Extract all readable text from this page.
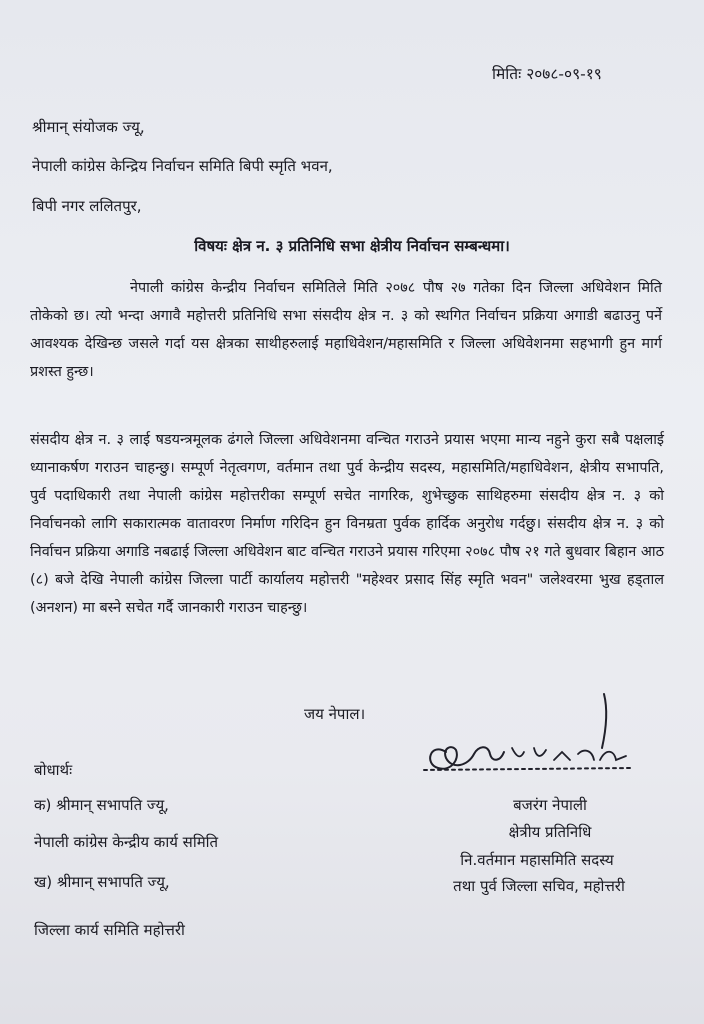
मितिः २०७८-०९-१९
श्रीमान् संयोजक ज्यू,
नेपाली कांग्रेस केन्द्रिय निर्वाचन समिति बिपी स्मृति भवन,
बिपी नगर ललितपुर,
विषयः क्षेत्र न. ३ प्रतिनिधि सभा क्षेत्रीय निर्वाचन सम्बन्धमा।
नेपाली कांग्रेस केन्द्रीय निर्वाचन समितिले मिति २०७८ पौष २७ गतेका दिन जिल्ला अधिवेशन मिति तोकेको छ। त्यो भन्दा अगावै महोत्तरी प्रतिनिधि सभा संसदीय क्षेत्र न. ३ को स्थगित निर्वाचन प्रक्रिया अगाडी बढाउनु पर्ने आवश्यक देखिन्छ जसले गर्दा यस क्षेत्रका साथीहरुलाई महाधिवेशन/महासमिति र जिल्ला अधिवेशनमा सहभागी हुन मार्ग प्रशस्त हुन्छ।
संसदीय क्षेत्र न. ३ लाई षडयन्त्रमूलक ढंगले जिल्ला अधिवेशनमा वन्चित गराउने प्रयास भएमा मान्य नहुने कुरा सबै पक्षलाई ध्यानाकर्षण गराउन चाहन्छु। सम्पूर्ण नेतृत्वगण, वर्तमान तथा पुर्व केन्द्रीय सदस्य, महासमिति/महाधिवेशन, क्षेत्रीय सभापति, पुर्व पदाधिकारी तथा नेपाली कांग्रेस महोत्तरीका सम्पूर्ण सचेत नागरिक, शुभेच्छुक साथिहरुमा संसदीय क्षेत्र न. ३ को निर्वाचनको लागि सकारात्मक वातावरण निर्माण गरिदिन हुन विनम्रता पुर्वक हार्दिक अनुरोध गर्दछु। संसदीय क्षेत्र न. ३ को निर्वाचन प्रक्रिया अगाडि नबढाई जिल्ला अधिवेशन बाट वन्चित गराउने प्रयास गरिएमा २०७८ पौष २१ गते बुधवार बिहान आठ (८) बजे देखि नेपाली कांग्रेस जिल्ला पार्टी कार्यालय महोत्तरी "महेश्वर प्रसाद सिंह स्मृति भवन" जलेश्वरमा भुख हड्ताल (अनशन) मा बस्ने सचेत गर्दै जानकारी गराउन चाहन्छु।
जय नेपाल।
बजरंग नेपाली
क्षेत्रीय प्रतिनिधि
नि.वर्तमान महासमिति सदस्य
तथा पुर्व जिल्ला सचिव, महोत्तरी
बोधार्थः
क) श्रीमान् सभापति ज्यू,
नेपाली कांग्रेस केन्द्रीय कार्य समिति
ख) श्रीमान् सभापति ज्यू,
जिल्ला कार्य समिति महोत्तरी
